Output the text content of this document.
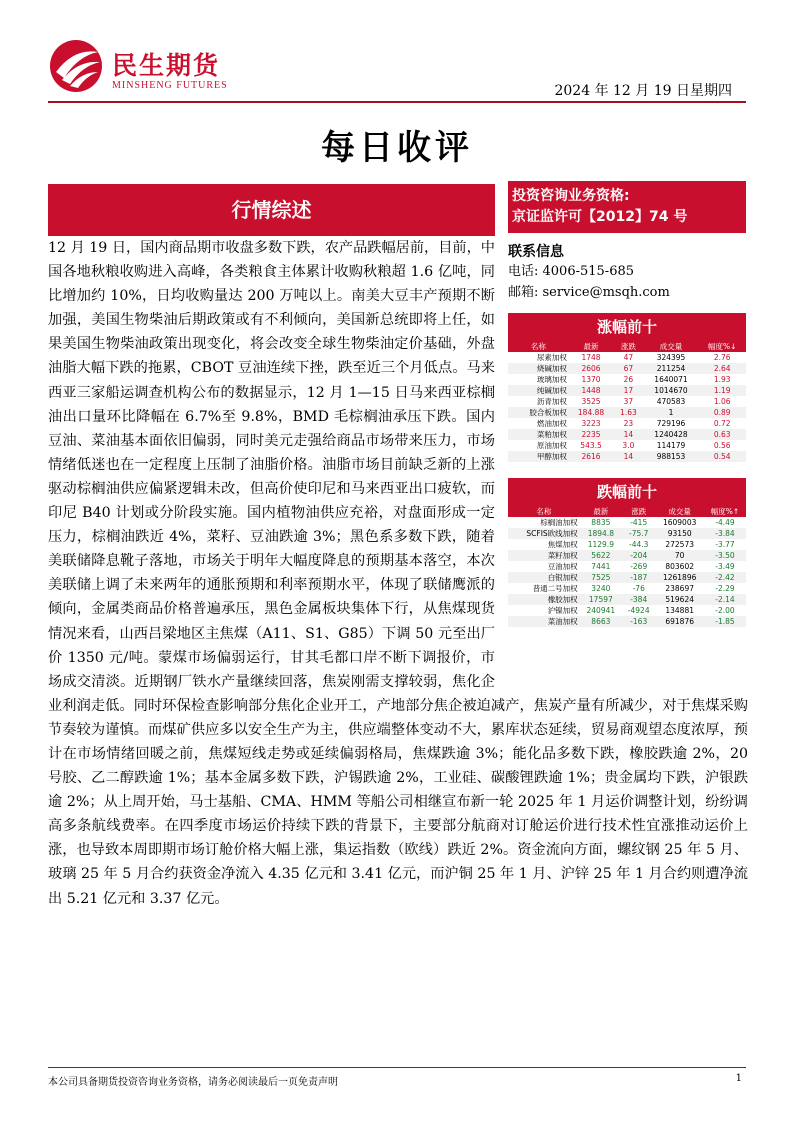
民生期货
MINSHENG FUTURES	2024 年 12 月 19 日星期四
每日收评
行情综述
投资咨询业务资格:
京证监许可【2012】74 号
联系信息
电话: 4006-515-685
邮箱: service@msqh.com
涨幅前十
名称	最新	涨跌	成交量	幅度%↓
尿素加权	1748	47	324395	2.76
烧碱加权	2606	67	211254	2.64
玻璃加权	1370	26	1640071	1.93
纯碱加权	1448	17	1014670	1.19
沥青加权	3525	37	470583	1.06
胶合板加权	184.88	1.63	1	0.89
燃油加权	3223	23	729196	0.72
菜粕加权	2235	14	1240428	0.63
原油加权	543.5	3.0	114179	0.56
甲醇加权	2616	14	988153	0.54
跌幅前十
名称	最新	涨跌	成交量	幅度%↑
棕榈油加权	8835	-415	1609003	-4.49
SCFIS欧线加权	1894.8	-75.7	93150	-3.84
焦煤加权	1129.9	-44.3	272573	-3.77
菜籽加权	5622	-204	70	-3.50
豆油加权	7441	-269	803602	-3.49
白银加权	7525	-187	1261896	-2.42
普通二号加权	3240	-76	238697	-2.29
橡胶加权	17597	-384	519624	-2.14
沪镍加权	240941	-4924	134881	-2.00
菜油加权	8663	-163	691876	-1.85

12 月 19 日，国内商品期市收盘多数下跌，农产品跌幅居前，目前，中国各地秋粮收购进入高峰，各类粮食主体累计收购秋粮超 1.6 亿吨，同比增加约 10%，日均收购量达 200 万吨以上。南美大豆丰产预期不断加强，美国生物柴油后期政策或有不利倾向，美国新总统即将上任，如果美国生物柴油政策出现变化，将会改变全球生物柴油定价基础，外盘油脂大幅下跌的拖累，CBOT 豆油连续下挫，跌至近三个月低点。马来西亚三家船运调查机构公布的数据显示，12 月 1—15 日马来西亚棕榈油出口量环比降幅在 6.7%至 9.8%，BMD 毛棕榈油承压下跌。国内豆油、菜油基本面依旧偏弱，同时美元走强给商品市场带来压力，市场情绪低迷也在一定程度上压制了油脂价格。油脂市场目前缺乏新的上涨驱动棕榈油供应偏紧逻辑未改，但高价使印尼和马来西亚出口疲软，而印尼 B40 计划或分阶段实施。国内植物油供应充裕，对盘面形成一定压力，棕榈油跌近 4%，菜籽、豆油跌逾 3%；黑色系多数下跌，随着美联储降息靴子落地，市场关于明年大幅度降息的预期基本落空，本次美联储上调了未来两年的通胀预期和利率预期水平，体现了联储鹰派的倾向，金属类商品价格普遍承压，黑色金属板块集体下行，从焦煤现货情况来看，山西吕梁地区主焦煤（A11、S1、G85）下调 50 元至出厂价 1350 元/吨。蒙煤市场偏弱运行，甘其毛都口岸不断下调报价，市场成交清淡。近期钢厂铁水产量继续回落，焦炭刚需支撑较弱，焦化企业利润走低。同时环保检查影响部分焦化企业开工，产地部分焦企被迫减产，焦炭产量有所减少，对于焦煤采购节奏较为谨慎。而煤矿供应多以安全生产为主，供应端整体变动不大，累库状态延续，贸易商观望态度浓厚，预计在市场情绪回暖之前，焦煤短线走势或延续偏弱格局，焦煤跌逾 3%；能化品多数下跌，橡胶跌逾 2%，20 号胶、乙二醇跌逾 1%；基本金属多数下跌，沪锡跌逾 2%，工业硅、碳酸锂跌逾 1%；贵金属均下跌，沪银跌逾 2%；从上周开始，马士基船、CMA、HMM 等船公司相继宣布新一轮 2025 年 1 月运价调整计划，纷纷调高多条航线费率。在四季度市场运价持续下跌的背景下，主要部分航商对订舱运价进行技术性宜涨推动运价上涨，也导致本周即期市场订舱价格大幅上涨，集运指数（欧线）跌近 2%。资金流向方面，螺纹钢 25 年 5 月、玻璃 25 年 5 月合约获资金净流入 4.35 亿元和 3.41 亿元，而沪铜 25 年 1 月、沪锌 25 年 1 月合约则遭净流出 5.21 亿元和 3.37 亿元。

本公司具备期货投资咨询业务资格，请务必阅读最后一页免责声明	1
